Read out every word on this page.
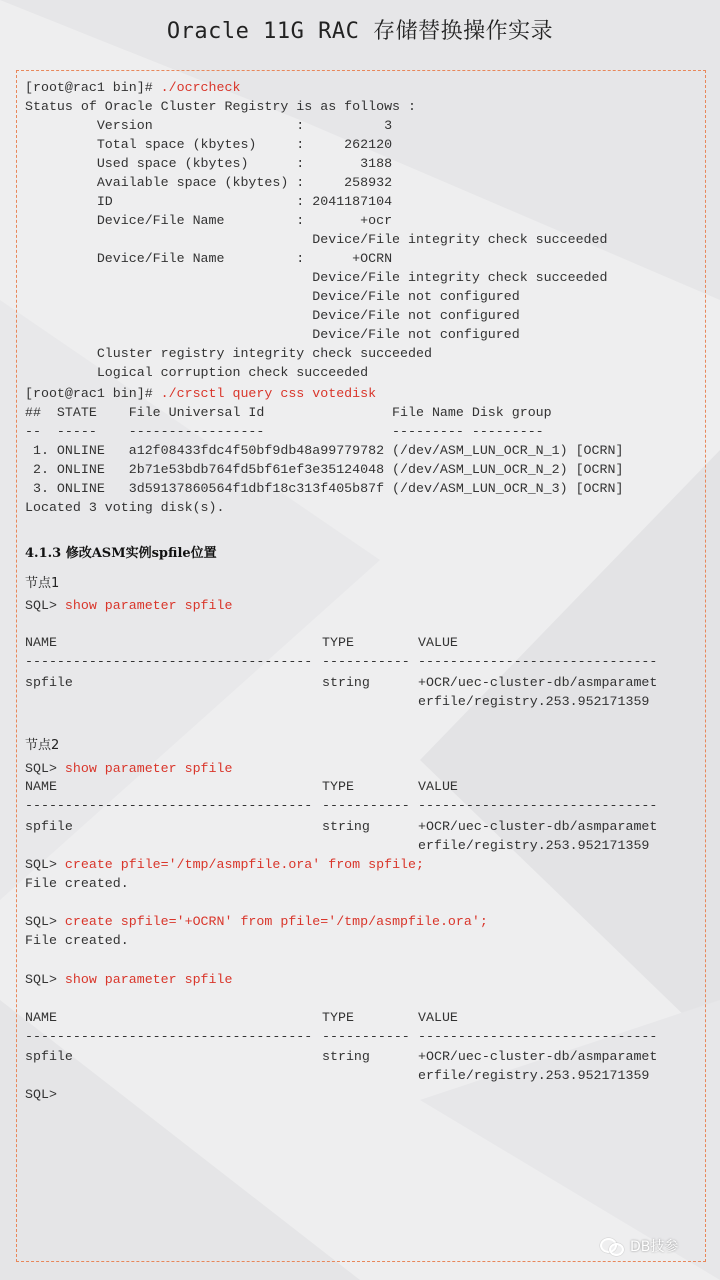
Oracle 11G RAC 存储替换操作实录
[root@rac1 bin]# ./ocrcheck
Status of Oracle Cluster Registry is as follows :
Version                  :          3
Total space (kbytes)     :     262120
Used space (kbytes)      :       3188
Available space (kbytes) :     258932
ID                       : 2041187104
Device/File Name         :       +ocr
Device/File integrity check succeeded
Device/File Name         :      +OCRN
Device/File integrity check succeeded
Device/File not configured
Device/File not configured
Device/File not configured
Cluster registry integrity check succeeded
Logical corruption check succeeded
[root@rac1 bin]# ./crsctl query css votedisk
##  STATE    File Universal Id                File Name Disk group
--  -----    -----------------                --------- ---------
1. ONLINE   a12f08433fdc4f50bf9db48a99779782 (/dev/ASM_LUN_OCR_N_1) [OCRN]
2. ONLINE   2b71e53bdb764fd5bf61ef3e35124048 (/dev/ASM_LUN_OCR_N_2) [OCRN]
3. ONLINE   3d59137860564f1dbf18c313f405b87f (/dev/ASM_LUN_OCR_N_3) [OCRN]
Located 3 voting disk(s).
4.1.3 修改ASM实例spfile位置
节点1
SQL> show parameter spfile
NAME	TYPE	VALUE
------------------------------------ ----------- ------------------------------
spfile	string	+OCR/uec-cluster-db/asmparamet
erfile/registry.253.952171359
节点2
SQL> show parameter spfile
NAME	TYPE	VALUE
------------------------------------ ----------- ------------------------------
spfile	string	+OCR/uec-cluster-db/asmparamet
erfile/registry.253.952171359
SQL> create pfile='/tmp/asmpfile.ora' from spfile;
File created.
SQL> create spfile='+OCRN' from pfile='/tmp/asmpfile.ora';
File created.
SQL> show parameter spfile
NAME	TYPE	VALUE
------------------------------------ ----------- ------------------------------
spfile	string	+OCR/uec-cluster-db/asmparamet
erfile/registry.253.952171359
SQL>
DB技参
